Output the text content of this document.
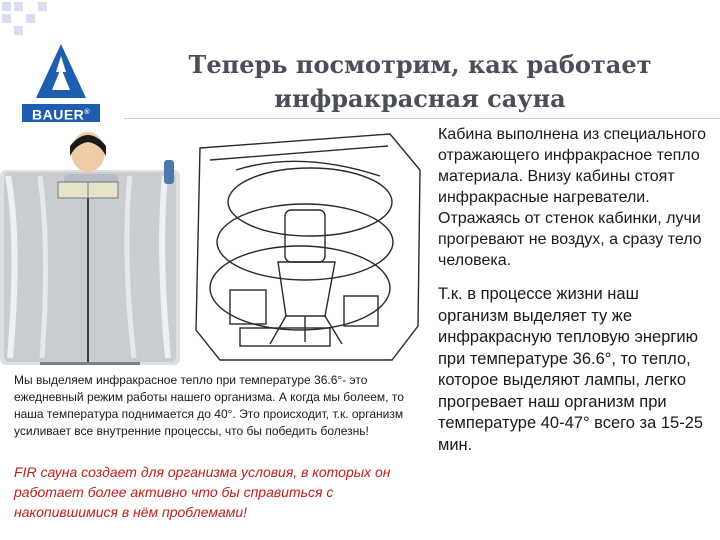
BAUER®
Теперь посмотрим, как работает инфракрасная сауна

Кабина выполнена из специального отражающего инфракрасное тепло материала. Внизу кабины стоят инфракрасные нагреватели. Отражаясь от стенок кабинки, лучи прогревают не воздух, а сразу тело человека.

Т.к. в процессе жизни наш организм выделяет ту же инфракрасную тепловую энергию при температуре 36.6°, то тепло, которое выделяют лампы, легко прогревает наш организм при температуре 40-47° всего за 15-25 мин.

Мы выделяем инфракрасное тепло при температуре 36.6°- это ежедневный режим работы нашего организма. А когда мы болеем, то наша температура поднимается до 40°. Это происходит, т.к. организм усиливает все внутренние процессы, что бы победить болезнь!

FIR сауна создает для организма условия, в которых он работает более активно что бы справиться с накопившимися в нём проблемами!
